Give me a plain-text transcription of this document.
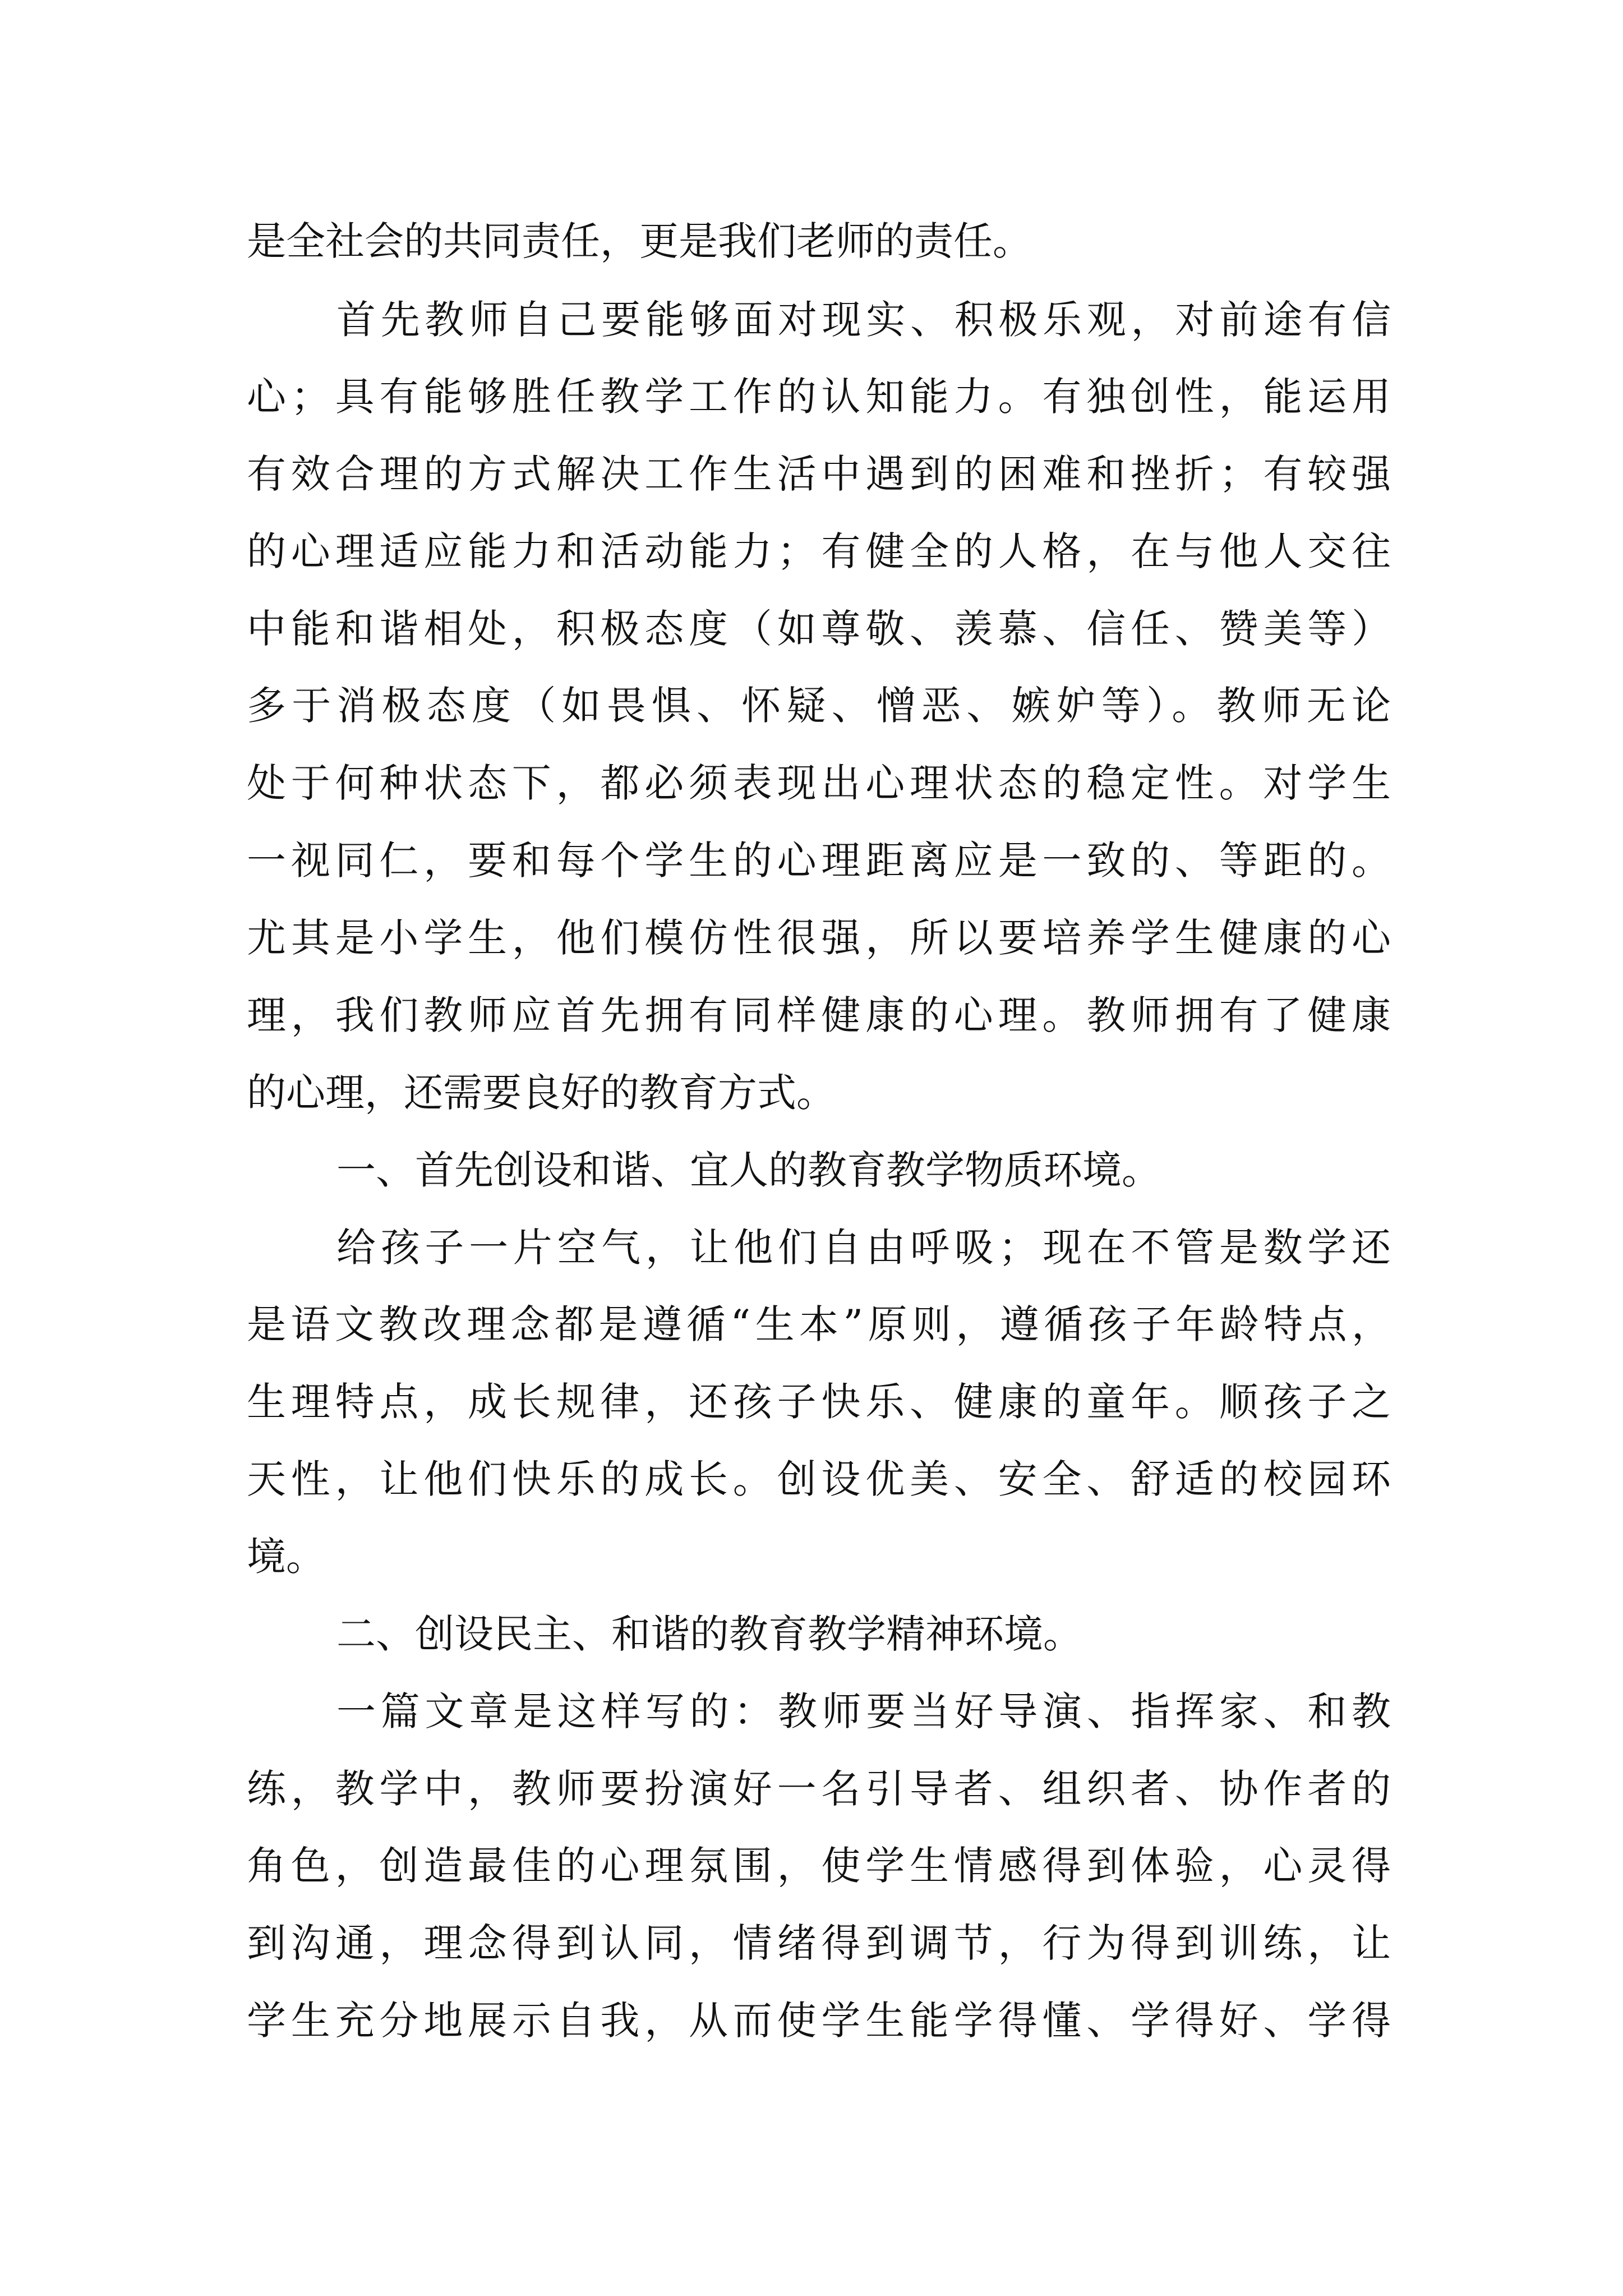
是全社会的共同责任，更是我们老师的责任。

首先教师自己要能够面对现实、积极乐观，对前途有信

心；具有能够胜任教学工作的认知能力。有独创性，能运用

有效合理的方式解决工作生活中遇到的困难和挫折；有较强

的心理适应能力和活动能力；有健全的人格，在与他人交往

中能和谐相处，积极态度（如尊敬、羡慕、信任、赞美等）

多于消极态度（如畏惧、怀疑、憎恶、嫉妒等）。教师无论

处于何种状态下，都必须表现出心理状态的稳定性。对学生

一视同仁，要和每个学生的心理距离应是一致的、等距的。

尤其是小学生，他们模仿性很强，所以要培养学生健康的心

理，我们教师应首先拥有同样健康的心理。教师拥有了健康

的心理，还需要良好的教育方式。

一、首先创设和谐、宜人的教育教学物质环境。

给孩子一片空气，让他们自由呼吸；现在不管是数学还

是语文教改理念都是遵循“生本”原则，遵循孩子年龄特点，

生理特点，成长规律，还孩子快乐、健康的童年。顺孩子之

天性，让他们快乐的成长。创设优美、安全、舒适的校园环

境。

二、创设民主、和谐的教育教学精神环境。

一篇文章是这样写的：教师要当好导演、指挥家、和教

练，教学中，教师要扮演好一名引导者、组织者、协作者的

角色，创造最佳的心理氛围，使学生情感得到体验，心灵得

到沟通，理念得到认同，情绪得到调节，行为得到训练，让

学生充分地展示自我，从而使学生能学得懂、学得好、学得
